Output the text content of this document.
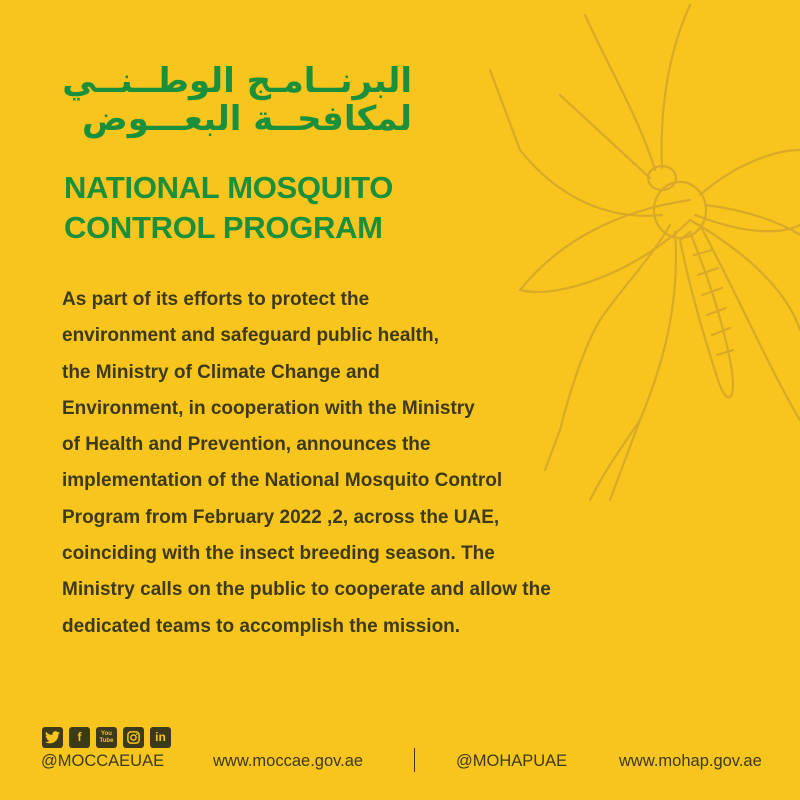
البرنــامـج الوطــنــي
لمكافحــة البعـــوض
NATIONAL MOSQUITO
CONTROL PROGRAM
As part of its efforts to protect the
environment and safeguard public health,
the Ministry of Climate Change and
Environment, in cooperation with the Ministry
of Health and Prevention, announces the
implementation of the National Mosquito Control
Program from February 2022 ,2, across the UAE,
coinciding with the insect breeding season. The
Ministry calls on the public to cooperate and allow the
dedicated teams to accomplish the mission.
f	You Tube	in
@MOCCAEUAE	www.moccae.gov.ae	@MOHAPUAE	www.mohap.gov.ae
